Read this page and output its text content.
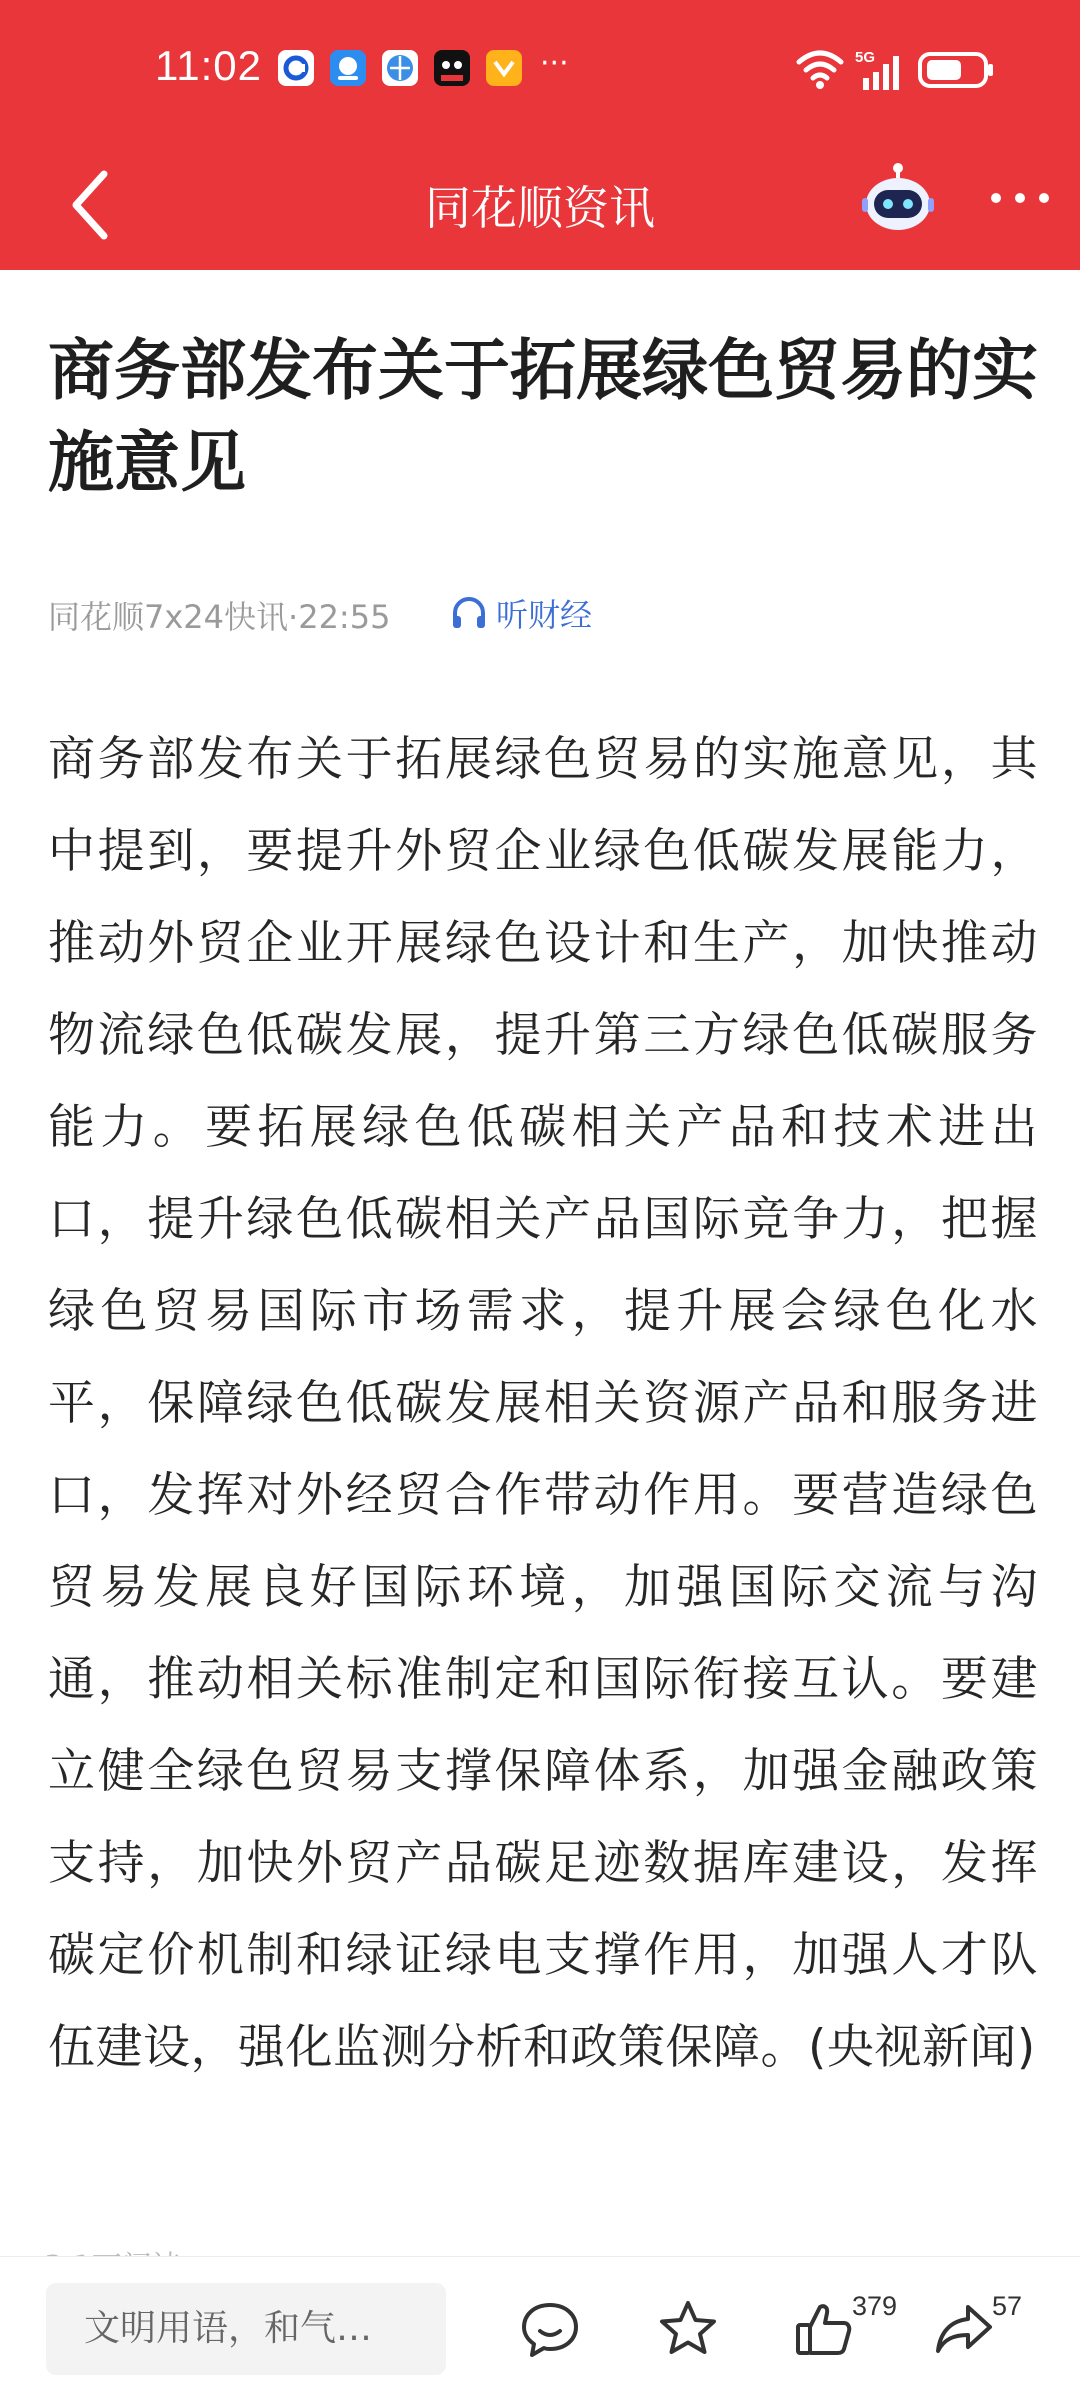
11:02	···	5G
同花顺资讯
商务部发布关于拓展绿色贸易的实施意见
同花顺7x24快讯·22:55	听财经
商务部发布关于拓展绿色贸易的实施意见，其中提到，要提升外贸企业绿色低碳发展能力，推动外贸企业开展绿色设计和生产，加快推动物流绿色低碳发展，提升第三方绿色低碳服务能力。要拓展绿色低碳相关产品和技术进出口，提升绿色低碳相关产品国际竞争力，把握绿色贸易国际市场需求，提升展会绿色化水平，保障绿色低碳发展相关资源产品和服务进口，发挥对外经贸合作带动作用。要营造绿色贸易发展良好国际环境，加强国际交流与沟通，推动相关标准制定和国际衔接互认。要建立健全绿色贸易支撑保障体系，加强金融政策支持，加快外贸产品碳足迹数据库建设，发挥碳定价机制和绿证绿电支撑作用，加强人才队伍建设，强化监测分析和政策保障。(央视新闻)
文明用语，和气…
379	57
